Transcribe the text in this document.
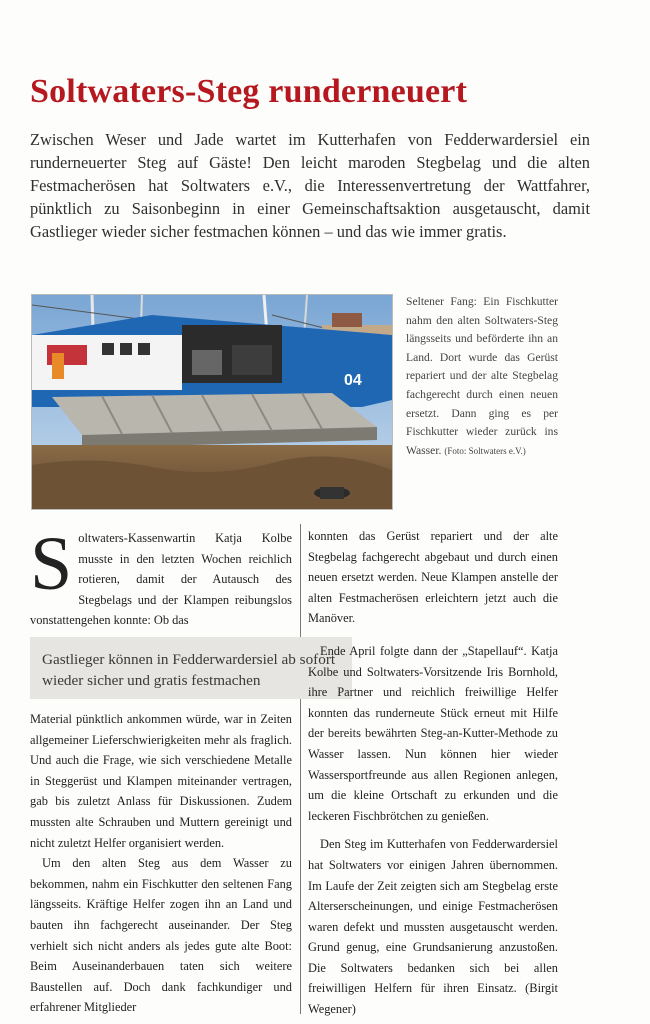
Soltwaters-Steg runderneuert
Zwischen Weser und Jade wartet im Kutterhafen von Fedderwardersiel ein runderneuerter Steg auf Gäste! Den leicht maroden Stegbelag und die alten Festmacherösen hat Soltwaters e.V., die Interessenvertretung der Wattfahrer, pünktlich zu Saisonbeginn in einer Gemeinschaftsaktion ausgetauscht, damit Gastlieger wieder sicher festmachen können – und das wie immer gratis.
04
Seltener Fang: Ein Fischkutter nahm den alten Soltwaters-Steg längsseits und beförderte ihn an Land. Dort wurde das Gerüst repariert und der alte Stegbelag fachgerecht durch einen neuen ersetzt. Dann ging es per Fischkutter wieder zurück ins Wasser. (Foto: Soltwaters e.V.)

Soltwaters-Kassenwartin Katja Kolbe musste in den letzten Wochen reichlich rotieren, damit der Autausch des Stegbelags und der Klampen reibungslos vonstattengehen konnte: Ob das

Gastlieger können in Fedderwardersiel ab sofort wieder sicher und gratis festmachen

Material pünktlich ankommen würde, war in Zeiten allgemeiner Lieferschwierigkeiten mehr als fraglich. Und auch die Frage, wie sich verschiedene Metalle in Steggerüst und Klampen miteinander vertragen, gab bis zuletzt Anlass für Diskussionen. Zudem mussten alte Schrauben und Muttern gereinigt und nicht zuletzt Helfer organisiert werden.

Um den alten Steg aus dem Wasser zu bekommen, nahm ein Fischkutter den seltenen Fang längsseits. Kräftige Helfer zogen ihn an Land und bauten ihn fachgerecht auseinander. Der Steg verhielt sich nicht anders als jedes gute alte Boot: Beim Auseinanderbauen taten sich weitere Baustellen auf. Doch dank fachkundiger und erfahrener Mitglieder

konnten das Gerüst repariert und der alte Stegbelag fachgerecht abgebaut und durch einen neuen ersetzt werden. Neue Klampen anstelle der alten Festmacherösen erleichtern jetzt auch die Manöver.

Ende April folgte dann der „Stapellauf“. Katja Kolbe und Soltwaters-Vorsitzende Iris Bornhold, ihre Partner und reichlich freiwillige Helfer konnten das runderneute Stück erneut mit Hilfe der bereits bewährten Steg-an-Kutter-Methode zu Wasser lassen. Nun können hier wieder Wassersportfreunde aus allen Regionen anlegen, um die kleine Ortschaft zu erkunden und die leckeren Fischbrötchen zu genießen.

Den Steg im Kutterhafen von Fedderwardersiel hat Soltwaters vor einigen Jahren übernommen. Im Laufe der Zeit zeigten sich am Stegbelag erste Alterserscheinungen, und einige Festmacherösen waren defekt und mussten ausgetauscht werden. Grund genug, eine Grundsanierung anzustoßen. Die Soltwaters bedanken sich bei allen freiwilligen Helfern für ihren Einsatz. (Birgit Wegener)
